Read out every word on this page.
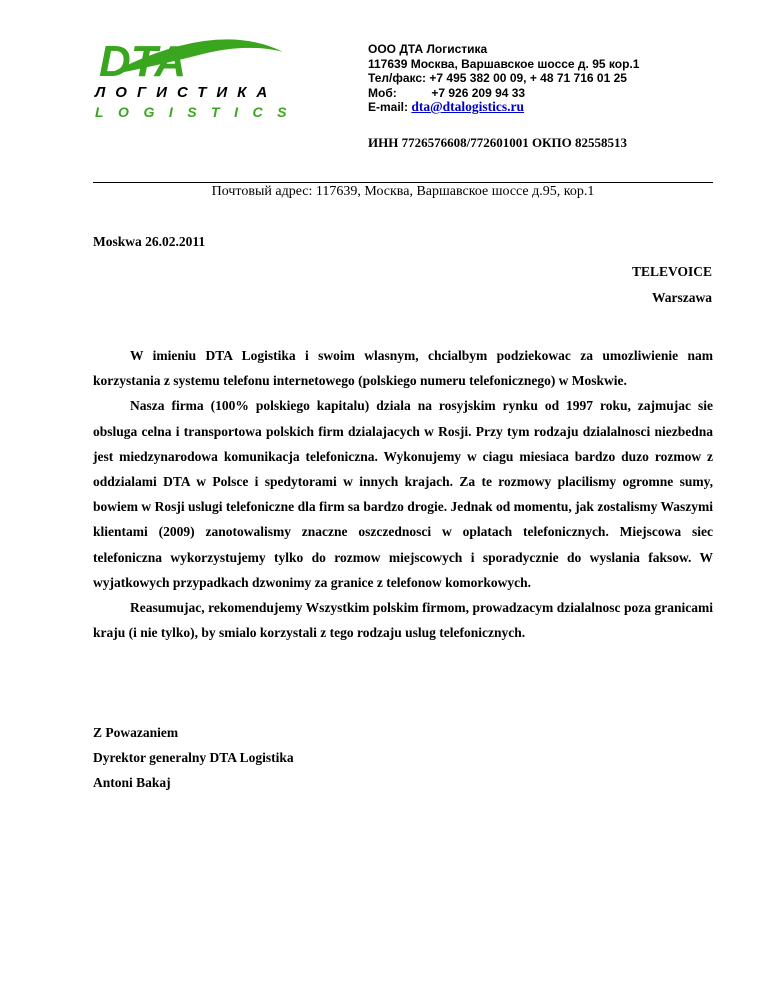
DTA
ЛОГИСТИКА
LOGISTICS
ООО ДТА Логистика
117639 Москва, Варшавское шоссе д. 95 кор.1
Тел/факс: +7 495 382 00 09, + 48 71 716 01 25
Моб:	+7 926 209 94 33
E-mail: dta@dtalogistics.ru
ИНН 7726576608/772601001 ОКПО 82558513
Почтовый адрес: 117639, Москва, Варшавское шоссе д.95, кор.1
Moskwa 26.02.2011
TELEVOICE
Warszawa

W imieniu DTA Logistika i swoim wlasnym, chcialbym podziekowac za umozliwienie nam korzystania z systemu telefonu internetowego (polskiego numeru telefonicznego) w Moskwie.

Nasza firma (100% polskiego kapitalu) dziala na rosyjskim rynku od 1997 roku, zajmujac sie obsluga celna i transportowa polskich firm dzialajacych w Rosji. Przy tym rodzaju dzialalnosci niezbedna jest miedzynarodowa komunikacja telefoniczna. Wykonujemy w ciagu miesiaca bardzo duzo rozmow z oddzialami DTA w Polsce i spedytorami w innych krajach. Za te rozmowy placilismy ogromne sumy, bowiem w Rosji uslugi telefoniczne dla firm sa bardzo drogie. Jednak od momentu, jak zostalismy Waszymi klientami (2009) zanotowalismy znaczne oszczednosci w oplatach telefonicznych. Miejscowa siec telefoniczna wykorzystujemy tylko do rozmow miejscowych i sporadycznie do wyslania faksow. W wyjatkowych przypadkach dzwonimy za granice z telefonow komorkowych.

Reasumujac, rekomendujemy Wszystkim polskim firmom, prowadzacym dzialalnosc poza granicami kraju (i nie tylko), by smialo korzystali z tego rodzaju uslug telefonicznych.

Z Powazaniem
Dyrektor generalny DTA Logistika
Antoni Bakaj
